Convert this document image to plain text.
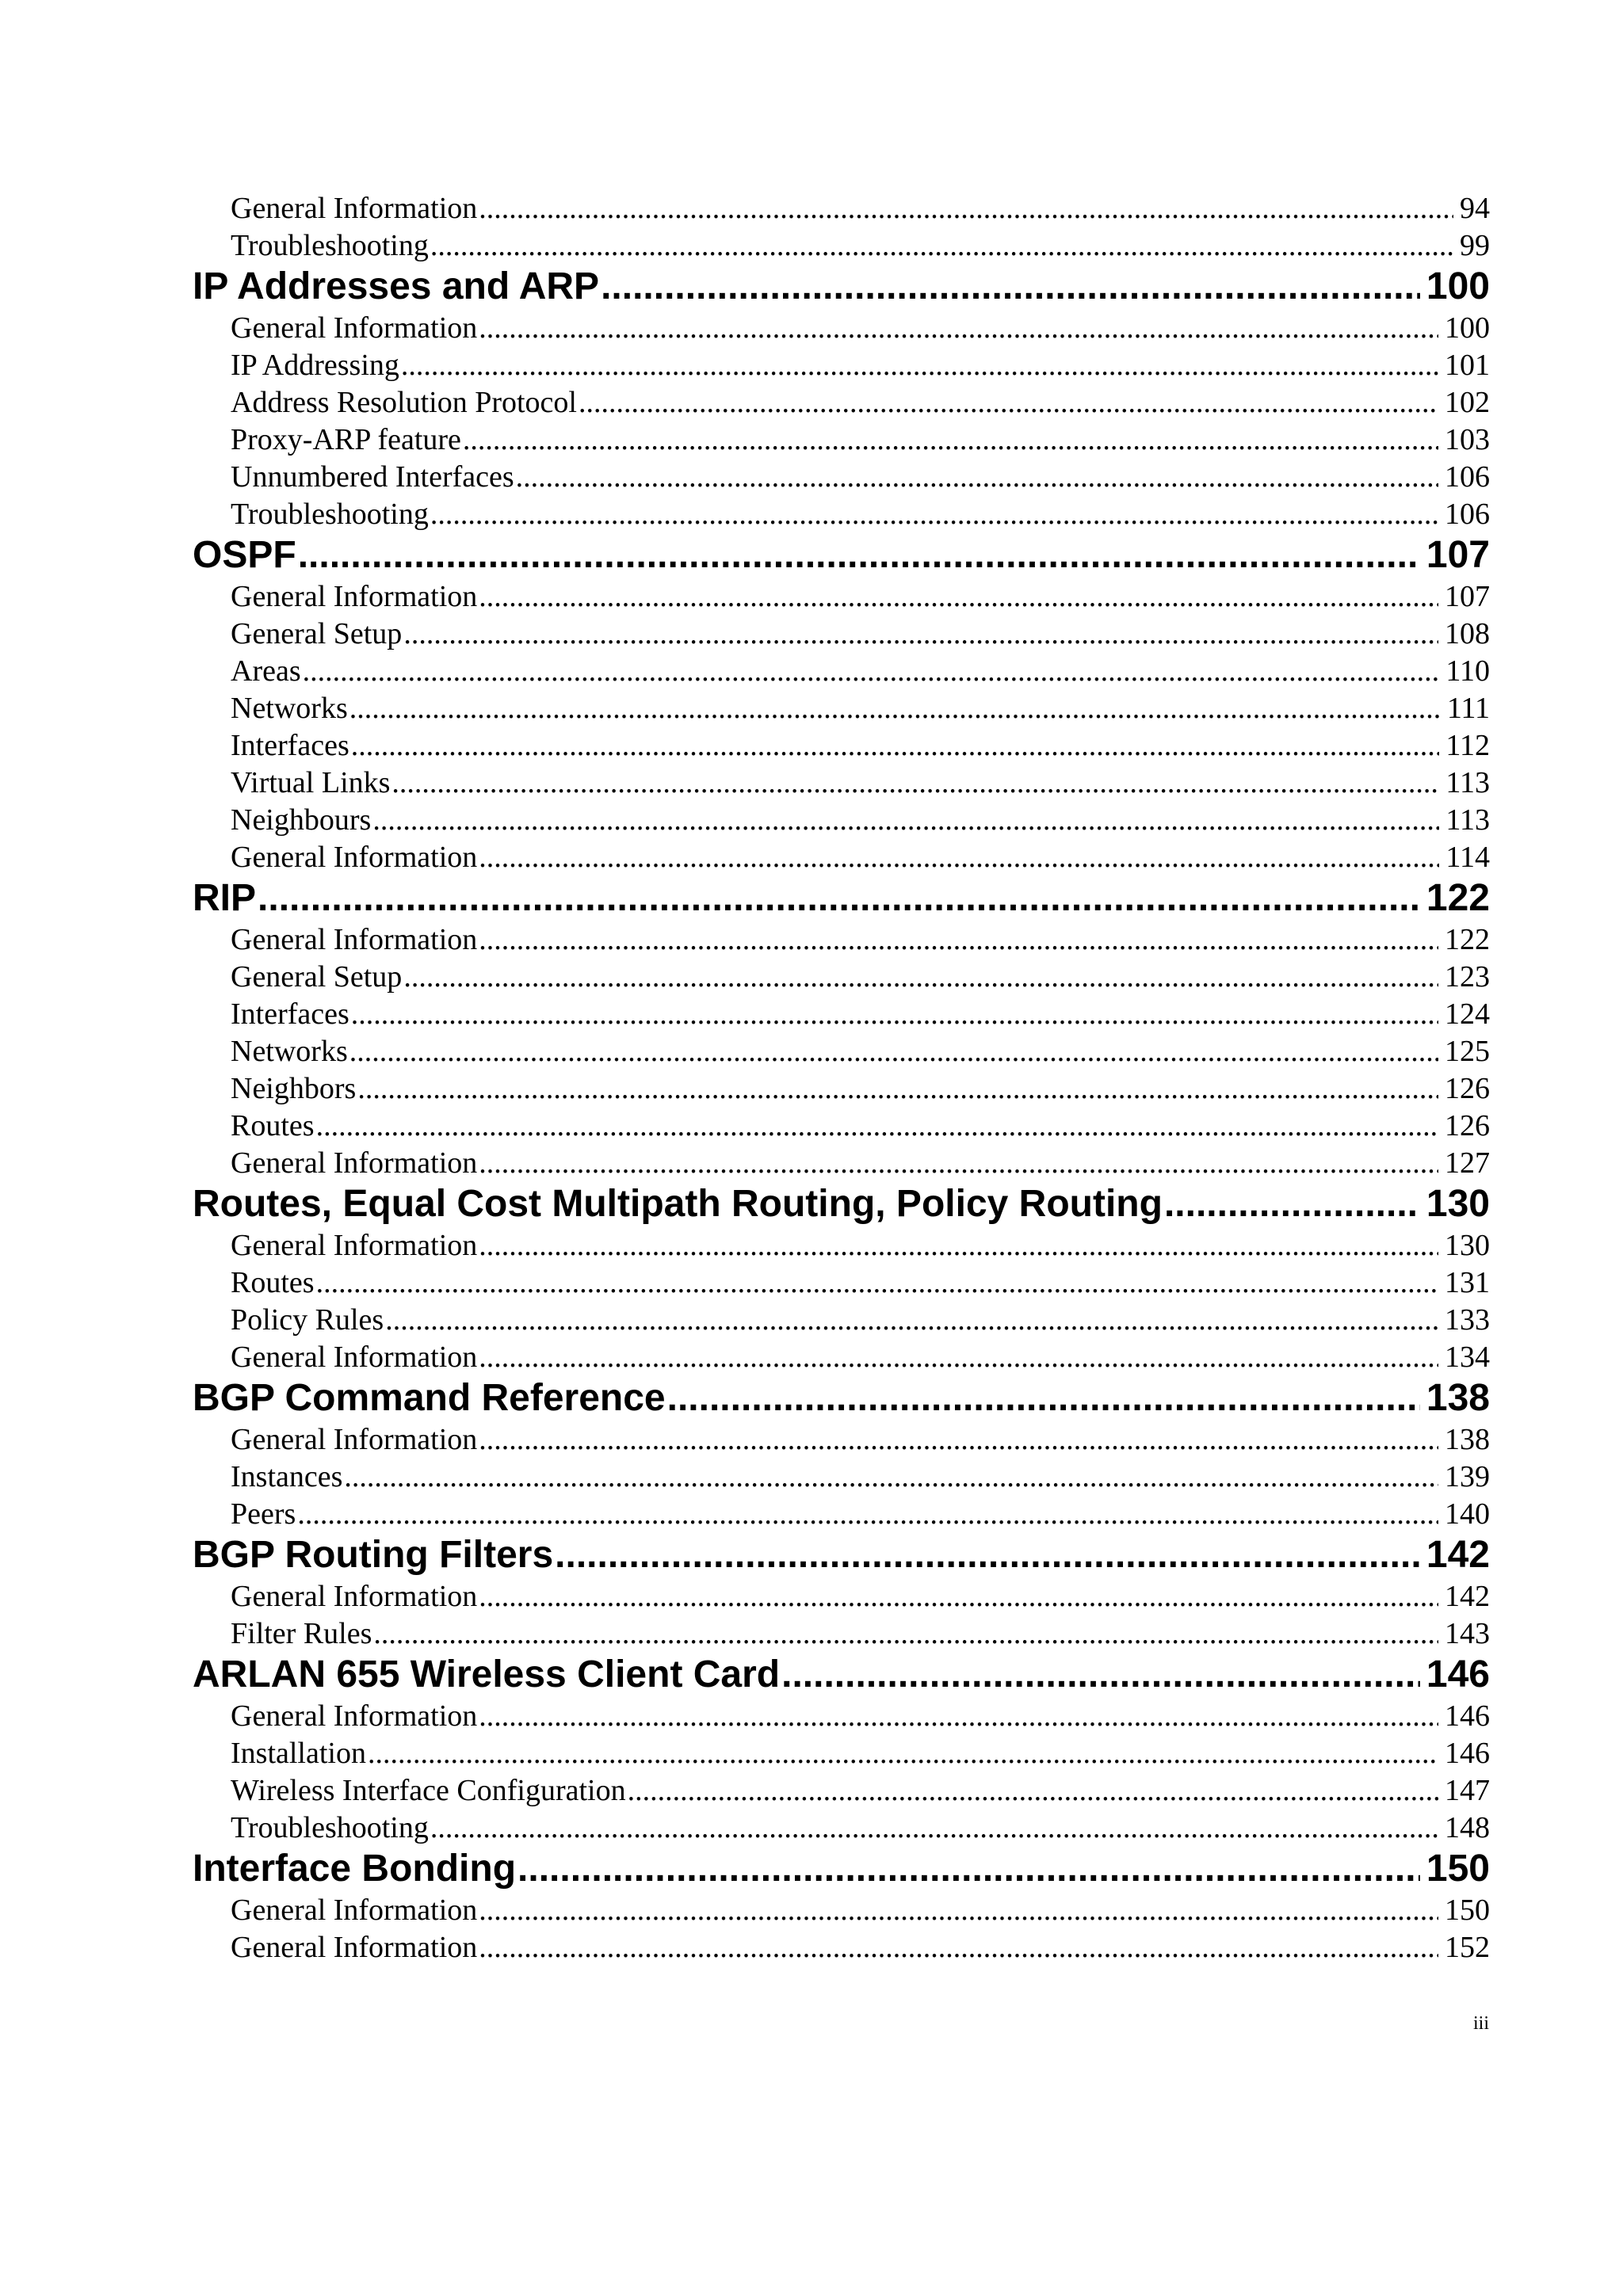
General Information .....	94
Troubleshooting .....	99
IP Addresses and ARP .....	100
General Information .....	100
IP Addressing .....	101
Address Resolution Protocol .....	102
Proxy-ARP feature .....	103
Unnumbered Interfaces .....	106
Troubleshooting .....	106
OSPF .....	107
General Information .....	107
General Setup .....	108
Areas .....	110
Networks .....	111
Interfaces .....	112
Virtual Links .....	113
Neighbours .....	113
General Information .....	114
RIP .....	122
General Information .....	122
General Setup .....	123
Interfaces .....	124
Networks .....	125
Neighbors .....	126
Routes .....	126
General Information .....	127
Routes, Equal Cost Multipath Routing, Policy Routing .....	130
General Information .....	130
Routes .....	131
Policy Rules .....	133
General Information .....	134
BGP Command Reference .....	138
General Information .....	138
Instances .....	139
Peers .....	140
BGP Routing Filters .....	142
General Information .....	142
Filter Rules .....	143
ARLAN 655 Wireless Client Card .....	146
General Information .....	146
Installation .....	146
Wireless Interface Configuration .....	147
Troubleshooting .....	148
Interface Bonding .....	150
General Information .....	150
General Information .....	152
iii
